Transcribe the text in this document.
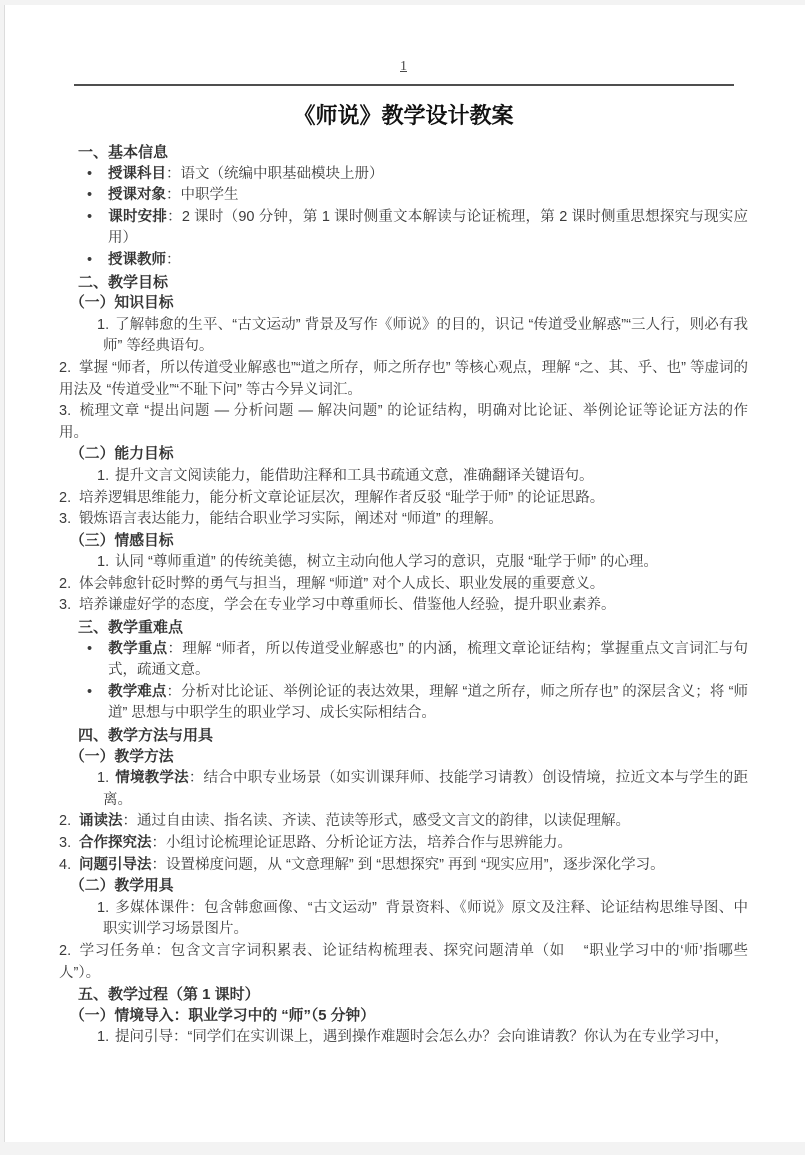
1
《师说》教学设计教案
一、基本信息
• 授课科目：语文（统编中职基础模块上册）
• 授课对象：中职学生
• 课时安排：2 课时（90 分钟，第 1 课时侧重文本解读与论证梳理，第 2 课时侧重思想探究与现实应用）
• 授课教师：
二、教学目标
（一）知识目标
1. 了解韩愈的生平、“古文运动” 背景及写作《师说》的目的，识记 “传道受业解惑”“三人行，则必有我师” 等经典语句。
2. 掌握 “师者，所以传道受业解惑也”“道之所存，师之所存也” 等核心观点，理解 “之、其、乎、也” 等虚词的用法及 “传道受业”“不耻下问” 等古今异义词汇。
3. 梳理文章 “提出问题 — 分析问题 — 解决问题” 的论证结构，明确对比论证、举例论证等论证方法的作用。
（二）能力目标
1. 提升文言文阅读能力，能借助注释和工具书疏通文意，准确翻译关键语句。
2. 培养逻辑思维能力，能分析文章论证层次，理解作者反驳 “耻学于师” 的论证思路。
3. 锻炼语言表达能力，能结合职业学习实际，阐述对 “师道” 的理解。
（三）情感目标
1. 认同 “尊师重道” 的传统美德，树立主动向他人学习的意识，克服 “耻学于师” 的心理。
2. 体会韩愈针砭时弊的勇气与担当，理解 “师道” 对个人成长、职业发展的重要意义。
3. 培养谦虚好学的态度，学会在专业学习中尊重师长、借鉴他人经验，提升职业素养。
三、教学重难点
• 教学重点：理解 “师者，所以传道受业解惑也” 的内涵，梳理文章论证结构；掌握重点文言词汇与句式，疏通文意。
• 教学难点：分析对比论证、举例论证的表达效果，理解 “道之所存，师之所存也” 的深层含义；将 “师道” 思想与中职学生的职业学习、成长实际相结合。
四、教学方法与用具
（一）教学方法
1. 情境教学法：结合中职专业场景（如实训课拜师、技能学习请教）创设情境，拉近文本与学生的距离。
2. 诵读法：通过自由读、指名读、齐读、范读等形式，感受文言文的韵律，以读促理解。
3. 合作探究法：小组讨论梳理论证思路、分析论证方法，培养合作与思辨能力。
4. 问题引导法：设置梯度问题，从 “文意理解” 到 “思想探究” 再到 “现实应用”，逐步深化学习。
（二）教学用具
1. 多媒体课件：包含韩愈画像、“古文运动”  背景资料、《师说》原文及注释、论证结构思维导图、中职实训学习场景图片。
2. 学习任务单：包含文言字词积累表、论证结构梳理表、探究问题清单（如    “职业学习中的‘师’指哪些人”）。
五、教学过程（第 1 课时）
（一）情境导入：职业学习中的 “师”（5 分钟）
1. 提问引导：“同学们在实训课上，遇到操作难题时会怎么办？会向谁请教？你认为在专业学习中，
